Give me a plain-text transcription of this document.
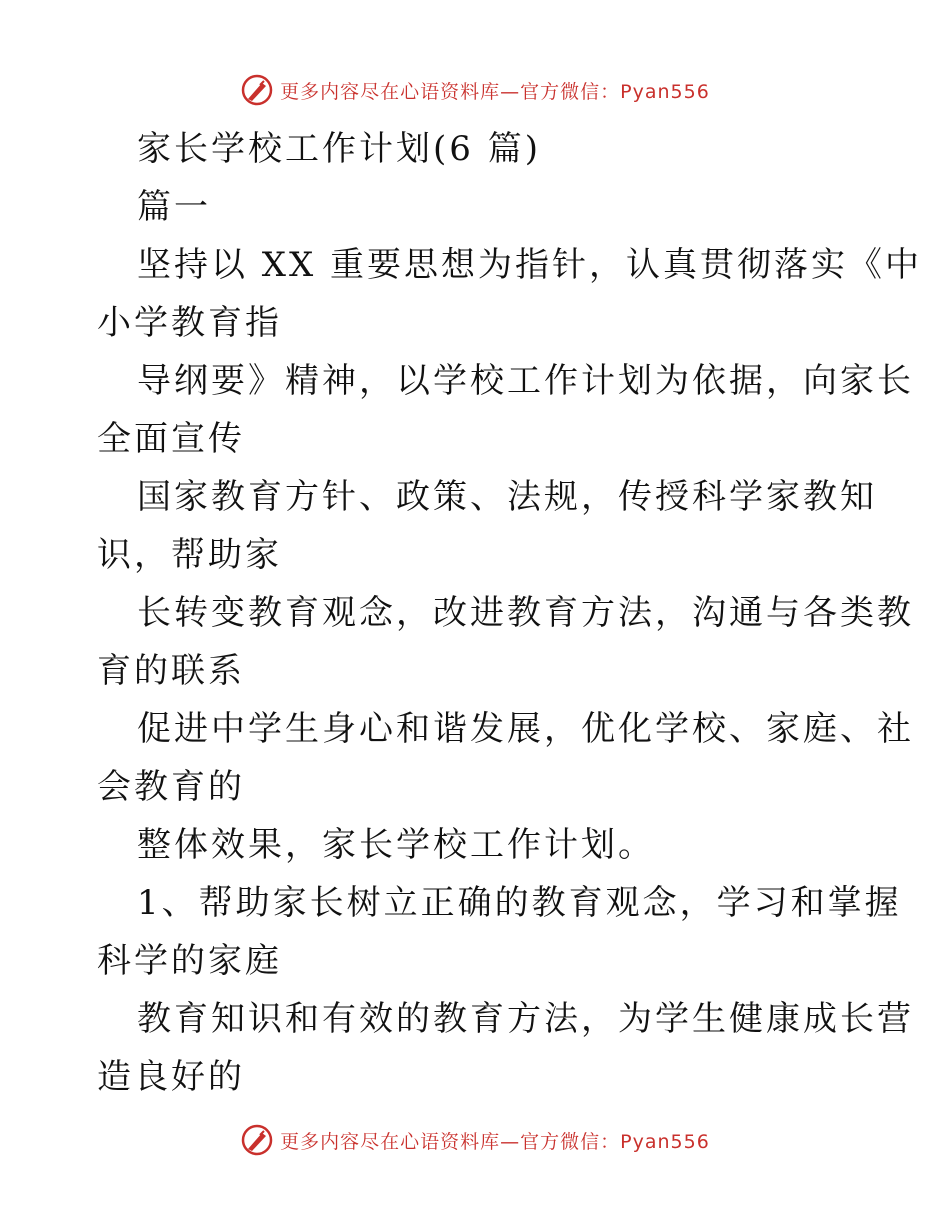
更多内容尽在心语资料库—官方微信：Pyan556
家长学校工作计划(6 篇)
篇一
坚持以 XX 重要思想为指针，认真贯彻落实《中
小学教育指
导纲要》精神，以学校工作计划为依据，向家长
全面宣传
国家教育方针、政策、法规，传授科学家教知
识，帮助家
长转变教育观念，改进教育方法，沟通与各类教
育的联系
促进中学生身心和谐发展，优化学校、家庭、社
会教育的
整体效果，家长学校工作计划。
1、帮助家长树立正确的教育观念，学习和掌握
科学的家庭
教育知识和有效的教育方法，为学生健康成长营
造良好的
更多内容尽在心语资料库—官方微信：Pyan556
